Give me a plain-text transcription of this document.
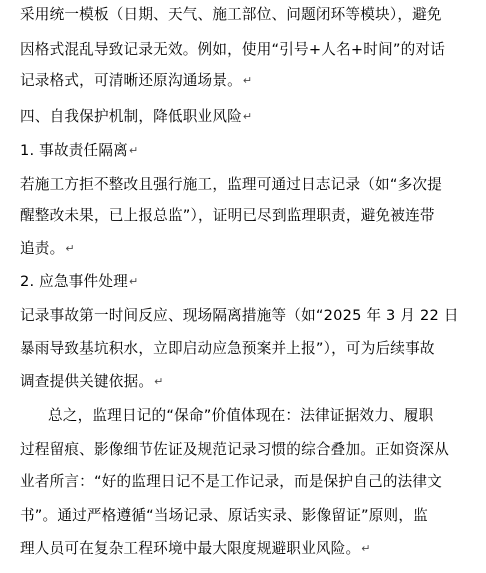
采用统一模板（日期、天气、施工部位、问题闭环等模块），避免
因格式混乱导致记录无效。例如，使用“引号+人名+时间”的对话
记录格式，可清晰还原沟通场景。↵
四、自我保护机制，降低职业风险↵
1. 事故责任隔离↵
若施工方拒不整改且强行施工，监理可通过日志记录（如“多次提
醒整改未果，已上报总监”），证明已尽到监理职责，避免被连带
追责。↵
2. 应急事件处理↵
记录事故第一时间反应、现场隔离措施等（如“2025 年 3 月 22 日
暴雨导致基坑积水，立即启动应急预案并上报”），可为后续事故
调查提供关键依据。↵
总之，监理日记的“保命”价值体现在：法律证据效力、履职
过程留痕、影像细节佐证及规范记录习惯的综合叠加。正如资深从
业者所言：“好的监理日记不是工作记录，而是保护自己的法律文
书”。通过严格遵循“当场记录、原话实录、影像留证”原则，监
理人员可在复杂工程环境中最大限度规避职业风险。↵
